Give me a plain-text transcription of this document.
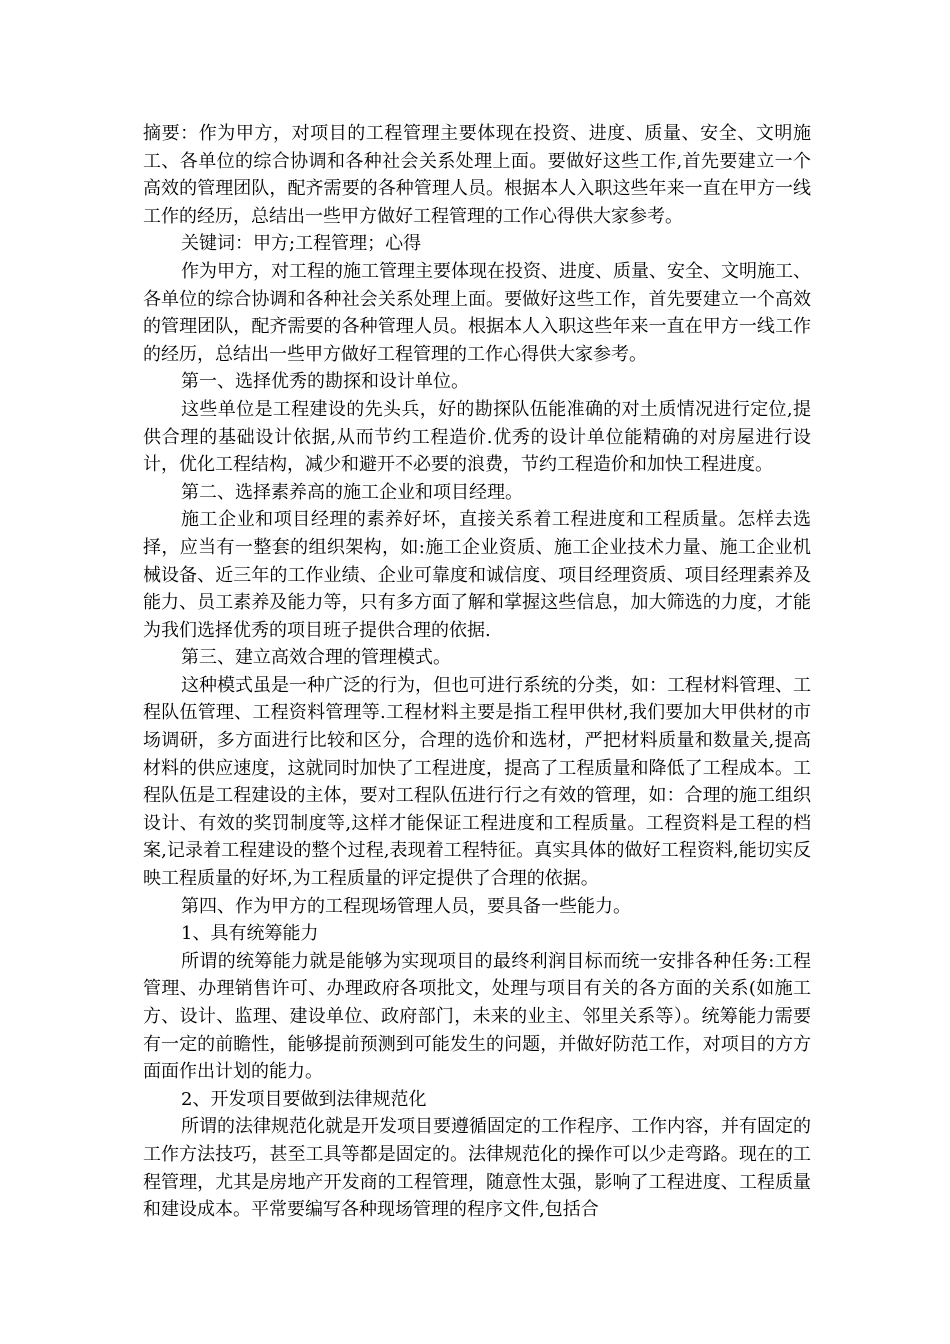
摘要：作为甲方，对项目的工程管理主要体现在投资、进度、质量、安全、文明施工、各单位的综合协调和各种社会关系处理上面。要做好这些工作,首先要建立一个高效的管理团队，配齐需要的各种管理人员。根据本人入职这些年来一直在甲方一线工作的经历，总结出一些甲方做好工程管理的工作心得供大家参考。

关键词：甲方;工程管理；心得

作为甲方，对工程的施工管理主要体现在投资、进度、质量、安全、文明施工、各单位的综合协调和各种社会关系处理上面。要做好这些工作，首先要建立一个高效的管理团队，配齐需要的各种管理人员。根据本人入职这些年来一直在甲方一线工作的经历，总结出一些甲方做好工程管理的工作心得供大家参考。

第一、选择优秀的勘探和设计单位。

这些单位是工程建设的先头兵，好的勘探队伍能准确的对土质情况进行定位,提供合理的基础设计依据,从而节约工程造价.优秀的设计单位能精确的对房屋进行设计，优化工程结构，减少和避开不必要的浪费，节约工程造价和加快工程进度。

第二、选择素养高的施工企业和项目经理。

施工企业和项目经理的素养好坏，直接关系着工程进度和工程质量。怎样去选择，应当有一整套的组织架构，如:施工企业资质、施工企业技术力量、施工企业机械设备、近三年的工作业绩、企业可靠度和诚信度、项目经理资质、项目经理素养及能力、员工素养及能力等，只有多方面了解和掌握这些信息，加大筛选的力度，才能为我们选择优秀的项目班子提供合理的依据.

第三、建立高效合理的管理模式。

这种模式虽是一种广泛的行为，但也可进行系统的分类，如：工程材料管理、工程队伍管理、工程资料管理等.工程材料主要是指工程甲供材,我们要加大甲供材的市场调研，多方面进行比较和区分，合理的选价和选材，严把材料质量和数量关,提高材料的供应速度，这就同时加快了工程进度，提高了工程质量和降低了工程成本。工程队伍是工程建设的主体，要对工程队伍进行行之有效的管理，如：合理的施工组织设计、有效的奖罚制度等,这样才能保证工程进度和工程质量。工程资料是工程的档案,记录着工程建设的整个过程,表现着工程特征。真实具体的做好工程资料,能切实反映工程质量的好坏,为工程质量的评定提供了合理的依据。

第四、作为甲方的工程现场管理人员，要具备一些能力。

1、具有统筹能力

所谓的统筹能力就是能够为实现项目的最终利润目标而统一安排各种任务:工程管理、办理销售许可、办理政府各项批文，处理与项目有关的各方面的关系(如施工方、设计、监理、建设单位、政府部门，未来的业主、邻里关系等）。统筹能力需要有一定的前瞻性，能够提前预测到可能发生的问题，并做好防范工作，对项目的方方面面作出计划的能力。

2、开发项目要做到法律规范化

所谓的法律规范化就是开发项目要遵循固定的工作程序、工作内容，并有固定的工作方法技巧，甚至工具等都是固定的。法律规范化的操作可以少走弯路。现在的工程管理，尤其是房地产开发商的工程管理，随意性太强，影响了工程进度、工程质量和建设成本。平常要编写各种现场管理的程序文件,包括合
